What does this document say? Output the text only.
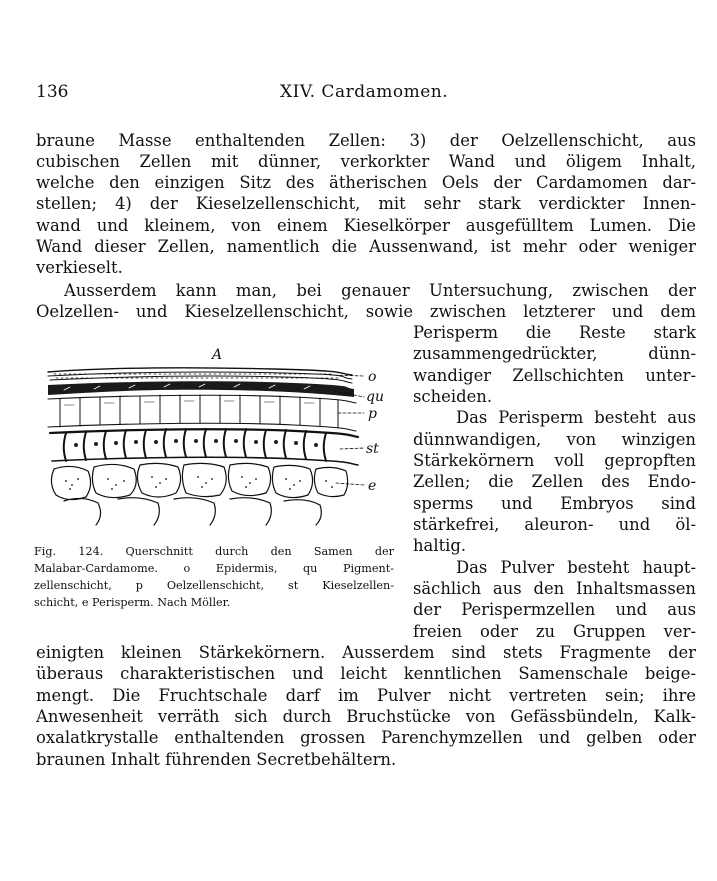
136	XIV. Cardamomen.
braune Masse enthaltenden Zellen: 3) der Oelzellenschicht, aus
cubischen Zellen mit dünner, verkorkter Wand und öligem Inhalt,
welche den einzigen Sitz des ätherischen Oels der Cardamomen dar-
stellen; 4) der Kieselzellenschicht, mit sehr stark verdickter Innen-
wand und kleinem, von einem Kieselkörper ausgefülltem Lumen. Die
Wand dieser Zellen, namentlich die Aussenwand, ist mehr oder weniger
verkieselt.
Ausserdem kann man, bei genauer Untersuchung, zwischen der
Oelzellen- und Kieselzellenschicht, sowie zwischen letzterer und dem
Perisperm die Reste stark
zusammengedrückter, dünn-
wandiger Zellschichten unter-
scheiden.
Das Perisperm besteht aus
dünnwandigen, von winzigen
Stärkekörnern voll gepropften
Zellen; die Zellen des Endo-
sperms und Embryos sind
stärkefrei, aleuron- und öl-
haltig.
Das Pulver besteht haupt-
sächlich aus den Inhaltsmassen
der Perispermzellen und aus
freien oder zu Gruppen ver-
einigten kleinen Stärkekörnern. Ausserdem sind stets Fragmente der
überaus charakteristischen und leicht kenntlichen Samenschale beige-
mengt. Die Fruchtschale darf im Pulver nicht vertreten sein; ihre
Anwesenheit verräth sich durch Bruchstücke von Gefässbündeln, Kalk-
oxalatkrystalle enthaltenden grossen Parenchymzellen und gelben oder
braunen Inhalt führenden Secretbehältern.
A
o
qu
p
st
e
Fig. 124. Querschnitt durch den Samen der
Malabar-Cardamome. o Epidermis, qu Pigment-
zellenschicht, p Oelzellenschicht, st Kieselzellen-
schicht, e Perisperm. Nach Möller.
